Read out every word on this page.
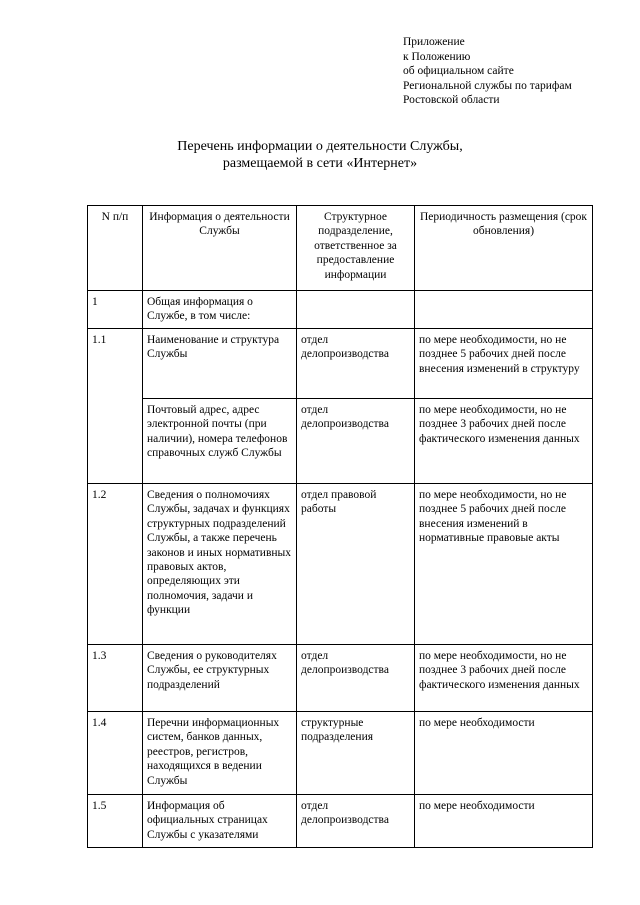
Приложение
к Положению
об официальном сайте
Региональной службы по тарифам
Ростовской области
Перечень информации о деятельности Службы,
размещаемой в сети «Интернет»
N п/п	Информация о деятельности Службы	Структурное подразделение, ответственное за предоставление информации	Периодичность размещения (срок обновления)
1	Общая информация о Службе, в том числе:		
1.1	Наименование и структура Службы	отдел делопроизводства	по мере необходимости, но не позднее 5 рабочих дней после внесения изменений в структуру
	Почтовый адрес, адрес электронной почты (при наличии), номера телефонов справочных служб Службы	отдел делопроизводства	по мере необходимости, но не позднее 3 рабочих дней после фактического изменения данных
1.2	Сведения о полномочиях Службы, задачах и функциях структурных подразделений Службы, а также перечень законов и иных нормативных правовых актов, определяющих эти полномочия, задачи и функции	отдел правовой работы	по мере необходимости, но не позднее 5 рабочих дней после внесения изменений в нормативные правовые акты
1.3	Сведения о руководителях Службы, ее структурных подразделений	отдел делопроизводства	по мере необходимости, но не позднее 3 рабочих дней после фактического изменения данных
1.4	Перечни информационных систем, банков данных, реестров, регистров, находящихся в ведении Службы	структурные подразделения	по мере необходимости
1.5	Информация об официальных страницах Службы с указателями	отдел делопроизводства	по мере необходимости
